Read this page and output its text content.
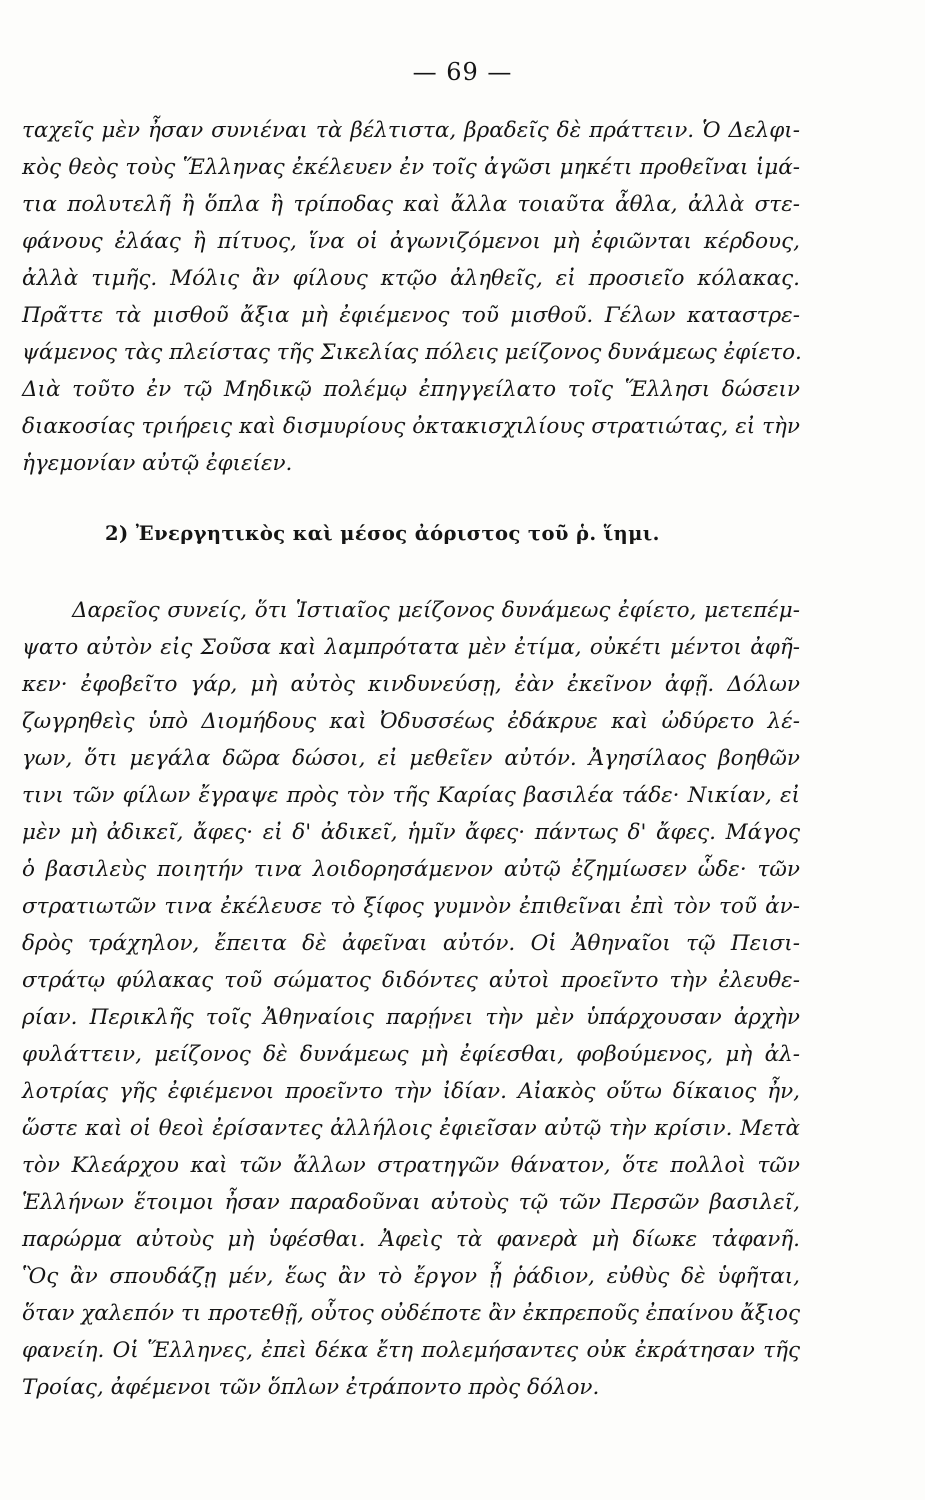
— 69 —
ταχεῖς μὲν ἦσαν συνιέναι τὰ βέλτιστα, βραδεῖς δὲ πράττειν. Ὁ Δελφι-
κὸς θεὸς τοὺς Ἕλληνας ἐκέλευεν ἐν τοῖς ἀγῶσι μηκέτι προθεῖναι ἱμά-
τια πολυτελῆ ἢ ὅπλα ἢ τρίποδας καὶ ἄλλα τοιαῦτα ἆθλα, ἀλλὰ στε-
φάνους ἐλάας ἢ πίτυος, ἵνα οἱ ἀγωνιζόμενοι μὴ ἐφιῶνται κέρδους,
ἀλλὰ τιμῆς. Μόλις ἂν φίλους κτῷο ἀληθεῖς, εἰ προσιεῖο κόλακας.
Πρᾶττε τὰ μισθοῦ ἄξια μὴ ἐφιέμενος τοῦ μισθοῦ. Γέλων καταστρε-
ψάμενος τὰς πλείστας τῆς Σικελίας πόλεις μείζονος δυνάμεως ἐφίετο.
Διὰ τοῦτο ἐν τῷ Μηδικῷ πολέμῳ ἐπηγγείλατο τοῖς Ἕλλησι δώσειν
διακοσίας τριήρεις καὶ δισμυρίους ὀκτακισχιλίους στρατιώτας, εἰ τὴν
ἡγεμονίαν αὐτῷ ἐφιείεν.
2) Ἐνεργητικὸς καὶ μέσος ἀόριστος τοῦ ῥ. ἵημι.
Δαρεῖος συνείς, ὅτι Ἱστιαῖος μείζονος δυνάμεως ἐφίετο, μετεπέμ-
ψατο αὐτὸν εἰς Σοῦσα καὶ λαμπρότατα μὲν ἐτίμα, οὐκέτι μέντοι ἀφῆ-
κεν· ἐφοβεῖτο γάρ, μὴ αὐτὸς κινδυνεύσῃ, ἐὰν ἐκεῖνον ἀφῇ. Δόλων
ζωγρηθεὶς ὑπὸ Διομήδους καὶ Ὀδυσσέως ἐδάκρυε καὶ ὠδύρετο λέ-
γων, ὅτι μεγάλα δῶρα δώσοι, εἰ μεθεῖεν αὐτόν. Ἀγησίλαος βοηθῶν
τινι τῶν φίλων ἔγραψε πρὸς τὸν τῆς Καρίας βασιλέα τάδε· Νικίαν, εἰ
μὲν μὴ ἀδικεῖ, ἄφες· εἰ δ' ἀδικεῖ, ἡμῖν ἄφες· πάντως δ' ἄφες. Μάγος
ὁ βασιλεὺς ποιητήν τινα λοιδορησάμενον αὐτῷ ἐζημίωσεν ὧδε· τῶν
στρατιωτῶν τινα ἐκέλευσε τὸ ξίφος γυμνὸν ἐπιθεῖναι ἐπὶ τὸν τοῦ ἀν-
δρὸς τράχηλον, ἔπειτα δὲ ἀφεῖναι αὐτόν. Οἱ Ἀθηναῖοι τῷ Πεισι-
στράτῳ φύλακας τοῦ σώματος διδόντες αὐτοὶ προεῖντο τὴν ἐλευθε-
ρίαν. Περικλῆς τοῖς Ἀθηναίοις παρῄνει τὴν μὲν ὑπάρχουσαν ἀρχὴν
φυλάττειν, μείζονος δὲ δυνάμεως μὴ ἐφίεσθαι, φοβούμενος, μὴ ἀλ-
λοτρίας γῆς ἐφιέμενοι προεῖντο τὴν ἰδίαν. Αἰακὸς οὕτω δίκαιος ἦν,
ὥστε καὶ οἱ θεοὶ ἐρίσαντες ἀλλήλοις ἐφιεῖσαν αὐτῷ τὴν κρίσιν. Μετὰ
τὸν Κλεάρχου καὶ τῶν ἄλλων στρατηγῶν θάνατον, ὅτε πολλοὶ τῶν
Ἑλλήνων ἕτοιμοι ἦσαν παραδοῦναι αὐτοὺς τῷ τῶν Περσῶν βασιλεῖ,
παρώρμα αὐτοὺς μὴ ὑφέσθαι. Ἀφεὶς τὰ φανερὰ μὴ δίωκε τἀφανῆ.
Ὃς ἂν σπουδάζῃ μέν, ἕως ἂν τὸ ἔργον ᾖ ῥάδιον, εὐθὺς δὲ ὑφῆται,
ὅταν χαλεπόν τι προτεθῇ, οὗτος οὐδέποτε ἂν ἐκπρεποῦς ἐπαίνου ἄξιος
φανείη. Οἱ Ἕλληνες, ἐπεὶ δέκα ἔτη πολεμήσαντες οὐκ ἐκράτησαν τῆς
Τροίας, ἀφέμενοι τῶν ὅπλων ἐτράποντο πρὸς δόλον.
